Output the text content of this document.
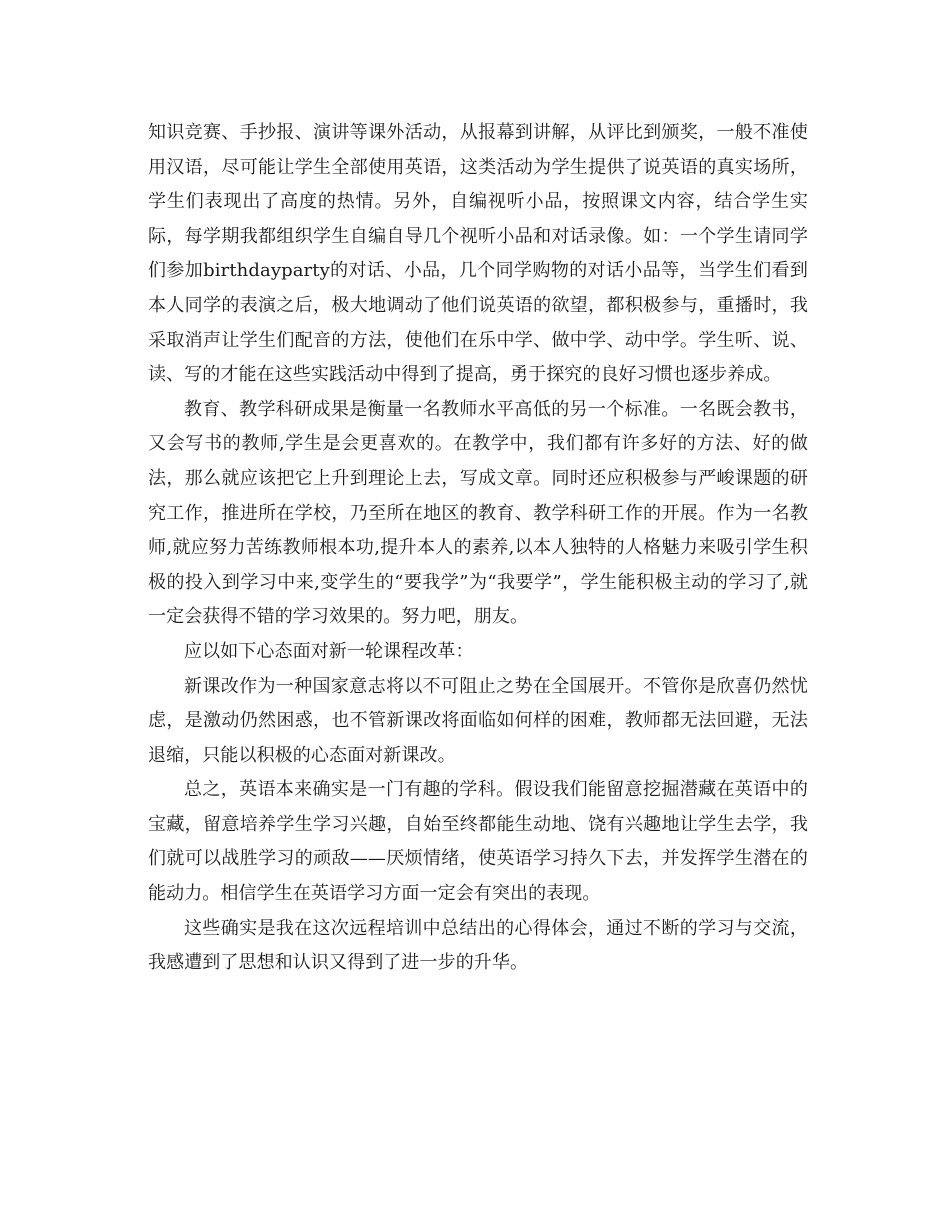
知识竞赛、手抄报、演讲等课外活动，从报幕到讲解，从评比到颁奖，一般不准使用汉语，尽可能让学生全部使用英语，这类活动为学生提供了说英语的真实场所，学生们表现出了高度的热情。另外，自编视听小品，按照课文内容，结合学生实际，每学期我都组织学生自编自导几个视听小品和对话录像。如：一个学生请同学们参加birthdayparty的对话、小品，几个同学购物的对话小品等，当学生们看到本人同学的表演之后，极大地调动了他们说英语的欲望，都积极参与，重播时，我采取消声让学生们配音的方法，使他们在乐中学、做中学、动中学。学生听、说、读、写的才能在这些实践活动中得到了提高，勇于探究的良好习惯也逐步养成。

教育、教学科研成果是衡量一名教师水平高低的另一个标准。一名既会教书，又会写书的教师,学生是会更喜欢的。在教学中，我们都有许多好的方法、好的做法，那么就应该把它上升到理论上去，写成文章。同时还应积极参与严峻课题的研究工作，推进所在学校，乃至所在地区的教育、教学科研工作的开展。作为一名教师,就应努力苦练教师根本功,提升本人的素养,以本人独特的人格魅力来吸引学生积极的投入到学习中来,变学生的“要我学”为“我要学”，学生能积极主动的学习了,就一定会获得不错的学习效果的。努力吧，朋友。

应以如下心态面对新一轮课程改革：

新课改作为一种国家意志将以不可阻止之势在全国展开。不管你是欣喜仍然忧虑，是激动仍然困惑，也不管新课改将面临如何样的困难，教师都无法回避，无法退缩，只能以积极的心态面对新课改。

总之，英语本来确实是一门有趣的学科。假设我们能留意挖掘潜藏在英语中的宝藏，留意培养学生学习兴趣，自始至终都能生动地、饶有兴趣地让学生去学，我们就可以战胜学习的顽敌——厌烦情绪，使英语学习持久下去，并发挥学生潜在的能动力。相信学生在英语学习方面一定会有突出的表现。

这些确实是我在这次远程培训中总结出的心得体会，通过不断的学习与交流，我感遭到了思想和认识又得到了进一步的升华。
